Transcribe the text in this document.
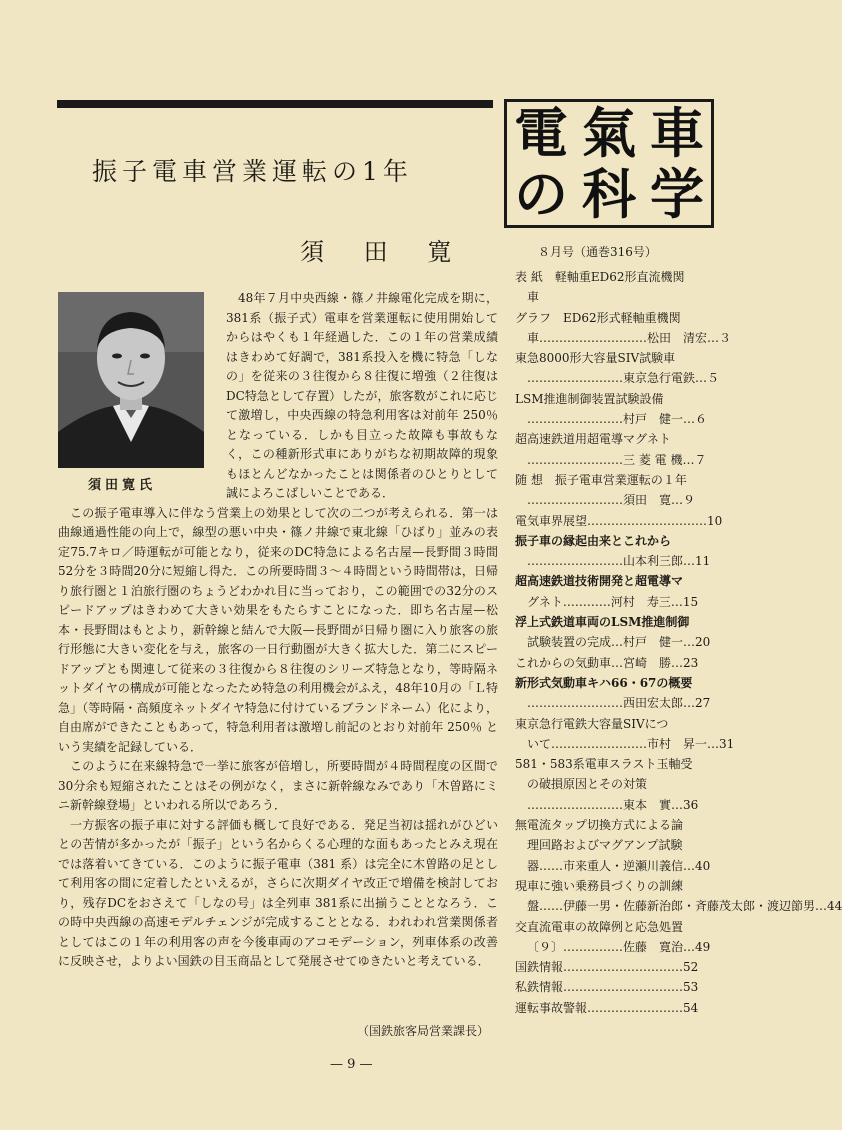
振子電車営業運転の1年
須 田 寛
須田寛氏

48年７月中央西線・篠ノ井線電化完成を期に，381系（振子式）電車を営業運転に使用開始してからはやくも１年経過した．この１年の営業成績はきわめて好調で，381系投入を機に特急「しなの」を従来の３往復から８往復に増強（２往復はDC特急として存置）したが，旅客数がこれに応じて激増し，中央西線の特急利用客は対前年 250％ となっている．しかも目立った故障も事故もなく，この種新形式車にありがちな初期故障的現象もほとんどなかったことは関係者のひとりとして誠によろこばしいことである．

この振子電車導入に伴なう営業上の効果として次の二つが考えられる．第一は曲線通過性能の向上で，線型の悪い中央・篠ノ井線で東北線「ひばり」並みの表定75.7キロ／時運転が可能となり，従来のDC特急による名古屋—長野間３時間52分を３時間20分に短縮し得た．この所要時間３〜４時間という時間帯は，日帰り旅行圏と１泊旅行圏のちょうどわかれ目に当っており，この範囲での32分のスピードアップはきわめて大きい効果をもたらすことになった．即ち名古屋—松本・長野間はもとより，新幹線と結んで大阪—長野間が日帰り圏に入り旅客の旅行形態に大きい変化を与え，旅客の一日行動圏が大きく拡大した．第二にスピードアップとも関連して従来の３往復から８往復のシリーズ特急となり，等時隔ネットダイヤの構成が可能となったため特急の利用機会がふえ，48年10月の「Ｌ特急」（等時隔・高頻度ネットダイヤ特急に付けているブランドネーム）化により，自由席ができたこともあって，特急利用者は激増し前記のとおり対前年 250％ という実績を記録している．

このように在来線特急で一挙に旅客が倍増し，所要時間が４時間程度の区間で30分余も短縮されたことはその例がなく，まさに新幹線なみであり「木曽路にミニ新幹線登場」といわれる所以であろう．

一方振客の振子車に対する評価も概して良好である．発足当初は揺れがひどいとの苦情が多かったが「振子」という名からくる心理的な面もあったとみえ現在では落着いてきている．このように振子電車（381 系）は完全に木曽路の足として利用客の間に定着したといえるが，さらに次期ダイヤ改正で増備を検討しており，残存DCをおさえて「しなの号」は全列車 381系に出揃うこととなろう．この時中央西線の高速モデルチェンジが完成することとなる．われわれ営業関係者としてはこの１年の利用客の声を今後車両のアコモデーション，列車体系の改善に反映させ，よりよい国鉄の目玉商品として発展させてゆきたいと考えている．

（国鉄旅客局営業課長）
— 9 —
電 氣 車
の 科 学
８月号（通巻316号）
表 紙　軽軸重ED62形直流機関
車
グラフ　ED62形式軽軸重機関
車………………………松田　清宏…３
東急8000形大容量SIV試験車
……………………東京急行電鉄…５
LSM推進制御装置試験設備
……………………村戸　健一…６
超高速鉄道用超電導マグネト
……………………三 菱 電 機…７
随 想　振子電車営業運転の１年
……………………須田　寛…９
電気車界展望…………………………10
振子車の縁起由来とこれから
……………………山本利三郎…11
超高速鉄道技術開発と超電導マ
グネト…………河村　寿三…15
浮上式鉄道車両のLSM推進制御
試験装置の完成…村戸　健一…20
これからの気動車…宮崎　勝…23
新形式気動車キハ66・67の概要
……………………西田宏太郎…27
東京急行電鉄大容量SIVにつ
いて……………………市村　昇一…31
581・583系電車スラスト玉軸受
の破損原因とその対策
……………………東本　實…36
無電流タップ切換方式による論
理回路およびマグアンプ試験
器……市来重人・逆瀬川義信…40
現車に強い乗務員づくりの訓練
盤……伊藤一男・佐藤新治郎・斉藤茂太郎・渡辺節男…44
交直流電車の故障例と応急処置
〔９〕……………佐藤　寛治…49
国鉄情報…………………………52
私鉄情報…………………………53
運転事故警報……………………54
